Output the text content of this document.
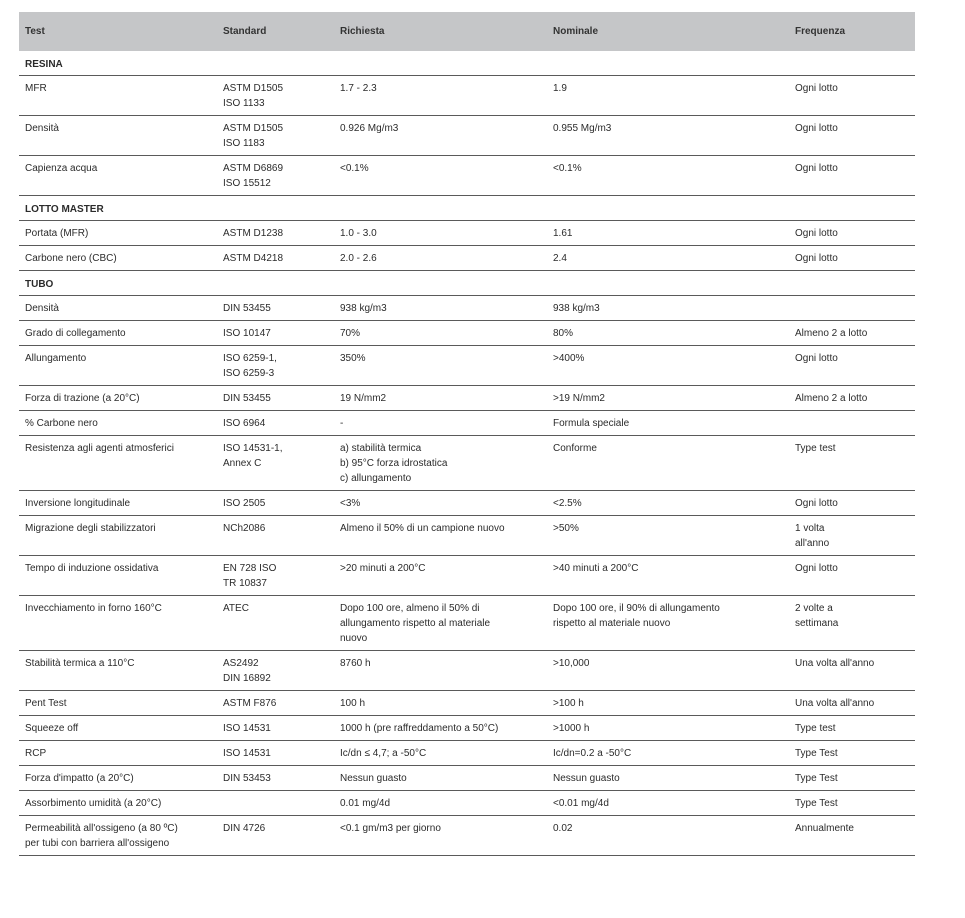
Test	Standard	Richiesta	Nominale	Frequenza
RESINA				

MFR	ASTM D1505
ISO 1133	1.7 - 2.3	1.9	Ogni lotto

Densità	ASTM D1505
ISO 1183	0.926 Mg/m3	0.955 Mg/m3	Ogni lotto

Capienza acqua	ASTM D6869
ISO 15512	<0.1%	<0.1%	Ogni lotto

LOTTO MASTER				

Portata (MFR)	ASTM D1238	1.0 - 3.0	1.61	Ogni lotto

Carbone nero (CBC)	ASTM D4218	2.0 - 2.6	2.4	Ogni lotto

TUBO				

Densità	DIN 53455	938 kg/m3	938 kg/m3	

Grado di collegamento	ISO 10147	70%	80%	Almeno 2 a lotto

Allungamento	ISO 6259-1,
ISO 6259-3	350%	>400%	Ogni lotto

Forza di trazione (a 20°C)	DIN 53455	19 N/mm2	>19 N/mm2	Almeno 2 a lotto

% Carbone nero	ISO 6964	-	Formula speciale	

Resistenza agli agenti atmosferici	ISO 14531-1,
Annex C	a) stabilità termica
b) 95°C forza idrostatica
c) allungamento	Conforme	Type test

Inversione longitudinale	ISO 2505	<3%	<2.5%	Ogni lotto

Migrazione degli stabilizzatori	NCh2086	Almeno il 50% di un campione nuovo	>50%	1 volta
all'anno

Tempo di induzione ossidativa	EN 728 ISO
TR 10837	>20 minuti a 200°C	>40 minuti a 200°C	Ogni lotto

Invecchiamento in forno 160°C	ATEC	Dopo 100 ore, almeno il 50% di
allungamento rispetto al materiale
nuovo	Dopo 100 ore, il 90% di allungamento
rispetto al materiale nuovo	2 volte a
settimana

Stabilità termica a 110°C	AS2492
DIN 16892	8760 h	>10,000	Una volta all'anno

Pent Test	ASTM F876	100 h	>100 h	Una volta all'anno

Squeeze off	ISO 14531	1000 h (pre raffreddamento a 50°C)	>1000 h	Type test

RCP	ISO 14531	Ic/dn ≤ 4,7; a -50°C	Ic/dn=0.2 a -50°C	Type Test

Forza d'impatto (a 20°C)	DIN 53453	Nessun guasto	Nessun guasto	Type Test

Assorbimento umidità (a 20°C)		0.01 mg/4d	<0.01 mg/4d	Type Test

Permeabilità all'ossigeno (a 80 ºC)
per tubi con barriera all'ossigeno	DIN 4726	<0.1 gm/m3 per giorno	0.02	Annualmente
